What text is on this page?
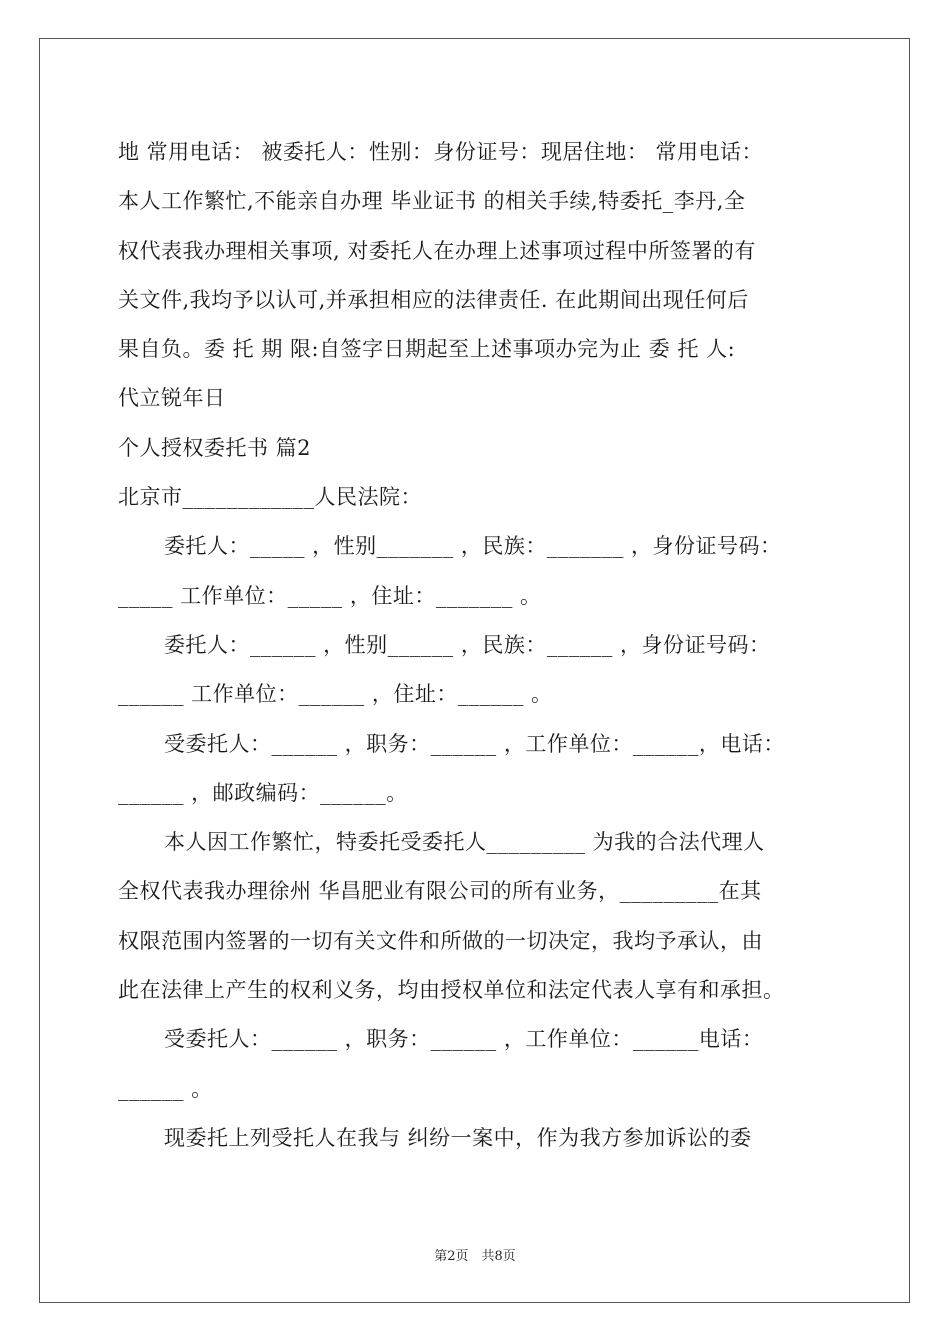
地 常用电话： 被委托人：性别：身份证号：现居住地： 常用电话：
本人工作繁忙,不能亲自办理 毕业证书 的相关手续,特委托_李丹,全
权代表我办理相关事项, 对委托人在办理上述事项过程中所签署的有
关文件,我均予以认可,并承担相应的法律责任. 在此期间出现任何后
果自负。委 托 期 限:自签字日期起至上述事项办完为止 委 托 人:
代立锐年日
个人授权委托书 篇2
北京市____________人民法院：
委托人：_____ ，性别_______ ，民族：_______ ，身份证号码：
_____ 工作单位：_____ ，住址：_______ 。
委托人：______ ，性别______ ，民族：______ ，身份证号码：
______ 工作单位：______ ，住址：______ 。
受委托人：______ ，职务：______ ，工作单位：______，电话：
______ ，邮政编码：______。
本人因工作繁忙，特委托受委托人_________ 为我的合法代理人
全权代表我办理徐州 华昌肥业有限公司的所有业务，_________在其
权限范围内签署的一切有关文件和所做的一切决定，我均予承认，由
此在法律上产生的权利义务，均由授权单位和法定代表人享有和承担。
受委托人：______ ，职务：______ ，工作单位：______电话：
______ 。
现委托上列受托人在我与 纠纷一案中，作为我方参加诉讼的委
第2页　共8页
